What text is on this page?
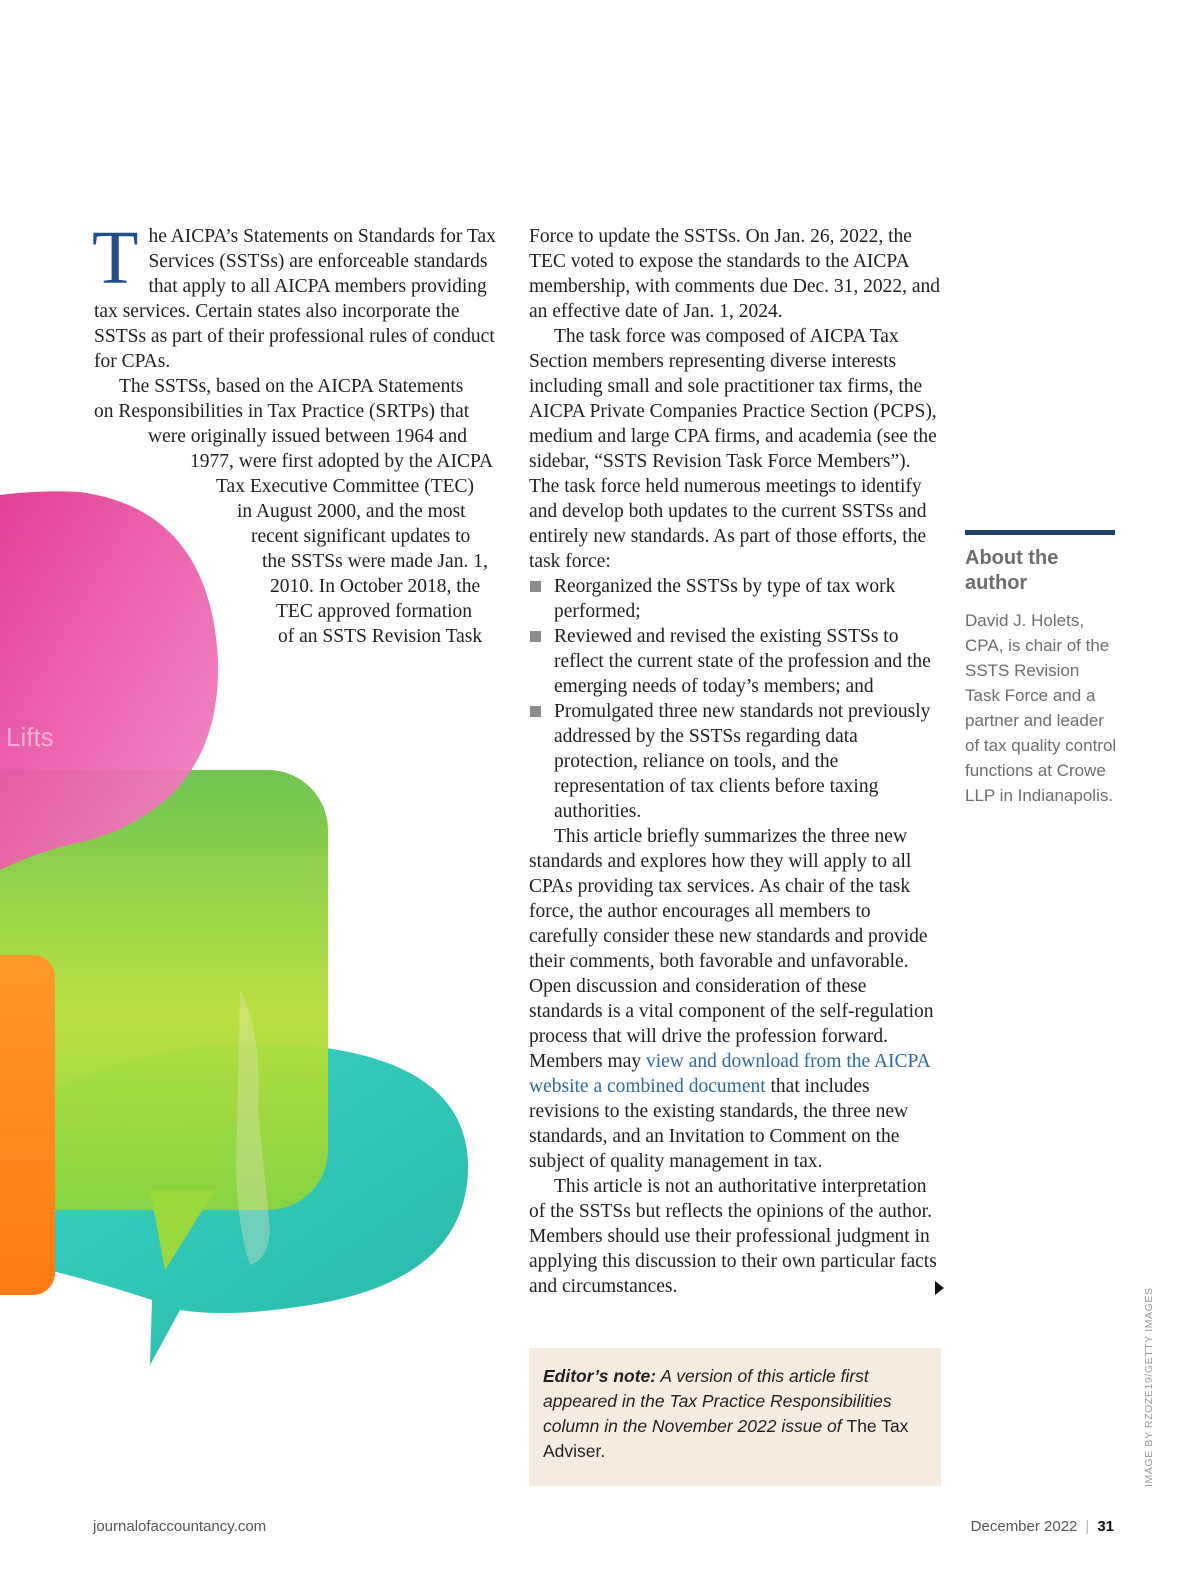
Lifts
T he AICPA’s Statements on Standards for Tax
Services (SSTSs) are enforceable standards
that apply to all AICPA members providing
tax services. Certain states also incorporate the
SSTSs as part of their professional rules of conduct
for CPAs.

The SSTSs, based on the AICPA Statements
on Responsibilities in Tax Practice (SRTPs) that
were originally issued between 1964 and
1977, were first adopted by the AICPA
Tax Executive Committee (TEC)
in August 2000, and the most
recent significant updates to
the SSTSs were made Jan. 1,
2010. In October 2018, the
TEC approved formation
of an SSTS Revision Task

Force to update the SSTSs. On Jan. 26, 2022, the TEC voted to expose the standards to the AICPA membership, with comments due Dec. 31, 2022, and an effective date of Jan. 1, 2024.

The task force was composed of AICPA Tax Section members representing diverse interests including small and sole practitioner tax firms, the AICPA Private Companies Practice Section (PCPS), medium and large CPA firms, and academia (see the sidebar, “SSTS Revision Task Force Members”). The task force held numerous meetings to identify and develop both updates to the current SSTSs and entirely new standards. As part of those efforts, the task force:

Reorganized the SSTSs by type of tax work performed;

Reviewed and revised the existing SSTSs to reflect the current state of the profession and the emerging needs of today’s members; and

Promulgated three new standards not previously addressed by the SSTSs regarding data protection, reliance on tools, and the representation of tax clients before taxing authorities.

This article briefly summarizes the three new standards and explores how they will apply to all CPAs providing tax services. As chair of the task force, the author encourages all members to carefully consider these new standards and provide their comments, both favorable and unfavorable. Open discussion and consideration of these standards is a vital component of the self-regulation process that will drive the profession forward. Members may view and download from the AICPA website a combined document that includes revisions to the existing standards, the three new standards, and an Invitation to Comment on the subject of quality management in tax.

This article is not an authoritative interpretation of the SSTSs but reflects the opinions of the author. Members should use their professional judgment in applying this discussion to their own particular facts and circumstances.

About the author
David J. Holets, CPA, is chair of the SSTS Revision Task Force and a partner and leader of tax quality control functions at Crowe LLP in Indianapolis.
Editor’s note: A version of this article first appeared in the Tax Practice Responsibilities column in the November 2022 issue of The Tax Adviser.	IMAGE BY RZOZE19/GETTY IMAGES
journalofaccountancy.com	December 2022 | 31
